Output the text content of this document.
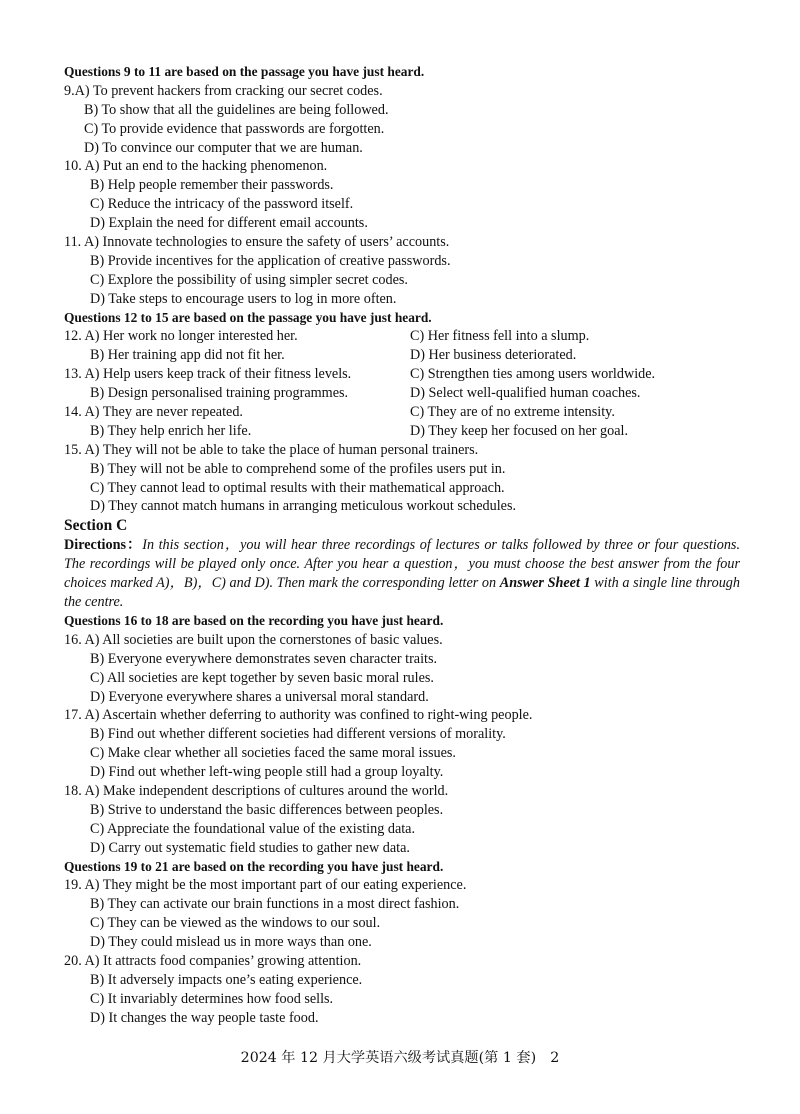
Questions 9 to 11 are based on the passage you have just heard.
9.A) To prevent hackers from cracking our secret codes.
B) To show that all the guidelines are being followed.
C) To provide evidence that passwords are forgotten.
D) To convince our computer that we are human.
10. A) Put an end to the hacking phenomenon.
B) Help people remember their passwords.
C) Reduce the intricacy of the password itself.
D) Explain the need for different email accounts.
11. A) Innovate technologies to ensure the safety of users’ accounts.
B) Provide incentives for the application of creative passwords.
C) Explore the possibility of using simpler secret codes.
D) Take steps to encourage users to log in more often.
Questions 12 to 15 are based on the passage you have just heard.
12. A) Her work no longer interested her.	C) Her fitness fell into a slump.
B) Her training app did not fit her.	D) Her business deteriorated.
13. A) Help users keep track of their fitness levels.	C) Strengthen ties among users worldwide.
B) Design personalised training programmes.	D) Select well-qualified human coaches.
14. A) They are never repeated.	C) They are of no extreme intensity.
B) They help enrich her life.	D) They keep her focused on her goal.
15. A) They will not be able to take the place of human personal trainers.
B) They will not be able to comprehend some of the profiles users put in.
C) They cannot lead to optimal results with their mathematical approach.
D) They cannot match humans in arranging meticulous workout schedules.
Section C
Directions：In this section，you will hear three recordings of lectures or talks followed by three or four questions. The recordings will be played only once. After you hear a question，you must choose the best answer from the four choices marked A)，B)，C) and D). Then mark the corresponding letter on Answer Sheet 1 with a single line through the centre.
Questions 16 to 18 are based on the recording you have just heard.
16. A) All societies are built upon the cornerstones of basic values.
B) Everyone everywhere demonstrates seven character traits.
C) All societies are kept together by seven basic moral rules.
D) Everyone everywhere shares a universal moral standard.
17. A) Ascertain whether deferring to authority was confined to right-wing people.
B) Find out whether different societies had different versions of morality.
C) Make clear whether all societies faced the same moral issues.
D) Find out whether left-wing people still had a group loyalty.
18. A) Make independent descriptions of cultures around the world.
B) Strive to understand the basic differences between peoples.
C) Appreciate the foundational value of the existing data.
D) Carry out systematic field studies to gather new data.
Questions 19 to 21 are based on the recording you have just heard.
19. A) They might be the most important part of our eating experience.
B) They can activate our brain functions in a most direct fashion.
C) They can be viewed as the windows to our soul.
D) They could mislead us in more ways than one.
20. A) It attracts food companies’ growing attention.
B) It adversely impacts one’s eating experience.
C) It invariably determines how food sells.
D) It changes the way people taste food.
2024 年 12 月大学英语六级考试真题(第 1 套)　2
